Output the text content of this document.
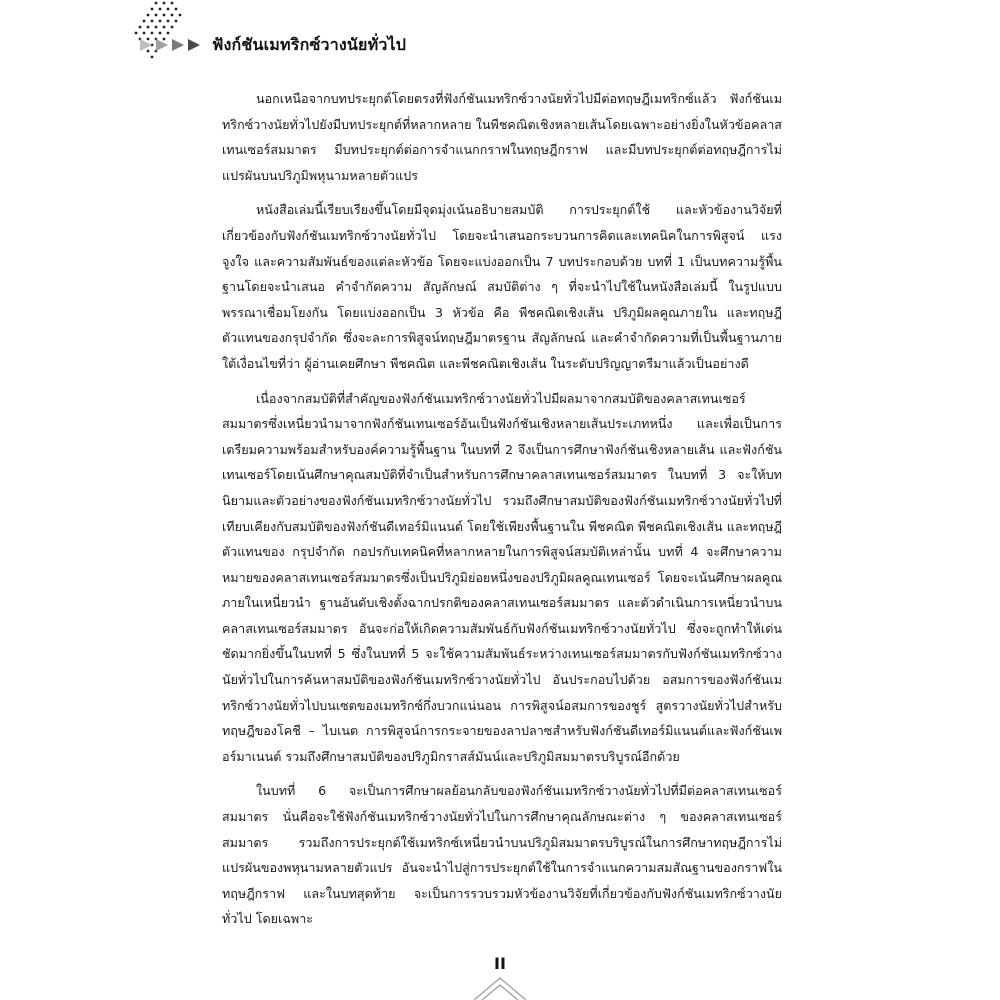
ฟังก์ชันเมทริกซ์วางนัยทั่วไป

นอกเหนือจากบทประยุกต์โดยตรงที่ฟังก์ชันเมทริกซ์วางนัยทั่วไปมีต่อทฤษฎีเมทริกซ์แล้ว ฟังก์ชันเมทริกซ์วางนัยทั่วไปยังมีบทประยุกต์ที่หลากหลาย ในพีชคณิตเชิงหลายเส้นโดยเฉพาะอย่างยิ่งในหัวข้อคลาสเทนเซอร์สมมาตร มีบทประยุกต์ต่อการจำแนกกราฟในทฤษฎีกราฟ และมีบทประยุกต์ต่อทฤษฎีการไม่แปรผันบนปริภูมิพหุนามหลายตัวแปร

หนังสือเล่มนี้เรียบเรียงขึ้นโดยมีจุดมุ่งเน้นอธิบายสมบัติ การประยุกต์ใช้ และหัวข้องานวิจัยที่เกี่ยวข้องกับฟังก์ชันเมทริกซ์วางนัยทั่วไป โดยจะนำเสนอกระบวนการคิดและเทคนิคในการพิสูจน์ แรงจูงใจ และความสัมพันธ์ของแต่ละหัวข้อ โดยจะแบ่งออกเป็น 7 บทประกอบด้วย บทที่ 1 เป็นบทความรู้พื้นฐานโดยจะนำเสนอ คำจำกัดความ สัญลักษณ์ สมบัติต่าง ๆ ที่จะนำไปใช้ในหนังสือเล่มนี้ ในรูปแบบพรรณาเชื่อมโยงกัน โดยแบ่งออกเป็น 3 หัวข้อ คือ พีชคณิตเชิงเส้น ปริภูมิผลคูณภายใน และทฤษฎีตัวแทนของกรุปจำกัด ซึ่งจะละการพิสูจน์ทฤษฎีมาตรฐาน สัญลักษณ์ และคำจำกัดความที่เป็นพื้นฐานภายใต้เงื่อนไขที่ว่า ผู้อ่านเคยศึกษา พีชคณิต และพีชคณิตเชิงเส้น ในระดับปริญญาตรีมาแล้วเป็นอย่างดี

เนื่องจากสมบัติที่สำคัญของฟังก์ชันเมทริกซ์วางนัยทั่วไปมีผลมาจากสมบัติของคลาสเทนเซอร์สมมาตรซึ่งเหนี่ยวนำมาจากฟังก์ชันเทนเซอร์อันเป็นฟังก์ชันเชิงหลายเส้นประเภทหนึ่ง และเพื่อเป็นการเตรียมความพร้อมสำหรับองค์ความรู้พื้นฐาน ในบทที่ 2 จึงเป็นการศึกษาฟังก์ชันเชิงหลายเส้น และฟังก์ชันเทนเซอร์โดยเน้นศึกษาคุณสมบัติที่จำเป็นสำหรับการศึกษาคลาสเทนเซอร์สมมาตร ในบทที่ 3 จะให้บทนิยามและตัวอย่างของฟังก์ชันเมทริกซ์วางนัยทั่วไป รวมถึงศึกษาสมบัติของฟังก์ชันเมทริกซ์วางนัยทั่วไปที่เทียบเคียงกับสมบัติของฟังก์ชันดีเทอร์มิแนนต์ โดยใช้เพียงพื้นฐานใน พีชคณิต พีชคณิตเชิงเส้น และทฤษฎีตัวแทนของ กรุปจำกัด กอปรกับเทคนิคที่หลากหลายในการพิสูจน์สมบัติเหล่านั้น บทที่ 4 จะศึกษาความหมายของคลาสเทนเซอร์สมมาตรซึ่งเป็นปริภูมิย่อยหนึ่งของปริภูมิผลคูณเทนเซอร์ โดยจะเน้นศึกษาผลคูณภายในเหนี่ยวนำ ฐานอันดับเชิงตั้งฉากปรกติของคลาสเทนเซอร์สมมาตร และตัวดำเนินการเหนี่ยวนำบนคลาสเทนเซอร์สมมาตร อันจะก่อให้เกิดความสัมพันธ์กับฟังก์ชันเมทริกซ์วางนัยทั่วไป ซึ่งจะถูกทำให้เด่นชัดมากยิ่งขึ้นในบทที่ 5 ซึ่งในบทที่ 5 จะใช้ความสัมพันธ์ระหว่างเทนเซอร์สมมาตรกับฟังก์ชันเมทริกซ์วางนัยทั่วไปในการค้นหาสมบัติของฟังก์ชันเมทริกซ์วางนัยทั่วไป อันประกอบไปด้วย อสมการของฟังก์ชันเมทริกซ์วางนัยทั่วไปบนเซตของเมทริกซ์กึ่งบวกแน่นอน การพิสูจน์อสมการของชูร์ สูตรวางนัยทั่วไปสำหรับทฤษฎีของโคชี – ไบเนต การพิสูจน์การกระจายของลาปลาซสำหรับฟังก์ชันดีเทอร์มิแนนต์และฟังก์ชันเพอร์มาเนนต์ รวมถึงศึกษาสมบัติของปริภูมิกราสส์มันน์และปริภูมิสมมาตรบริบูรณ์อีกด้วย

ในบทที่ 6 จะเป็นการศึกษาผลย้อนกลับของฟังก์ชันเมทริกซ์วางนัยทั่วไปที่มีต่อคลาสเทนเซอร์สมมาตร นั่นคือจะใช้ฟังก์ชันเมทริกซ์วางนัยทั่วไปในการศึกษาคุณลักษณะต่าง ๆ ของคลาสเทนเซอร์สมมาตร รวมถึงการประยุกต์ใช้เมทริกซ์เหนี่ยวนำบนปริภูมิสมมาตรบริบูรณ์ในการศึกษาทฤษฎีการไม่แปรผันของพหุนามหลายตัวแปร อันจะนำไปสู่การประยุกต์ใช้ในการจำแนกความสมสัณฐานของกราฟในทฤษฎีกราฟ และในบทสุดท้าย จะเป็นการรวบรวมหัวข้องานวิจัยที่เกี่ยวข้องกับฟังก์ชันเมทริกซ์วางนัยทั่วไป โดยเฉพาะ

II
